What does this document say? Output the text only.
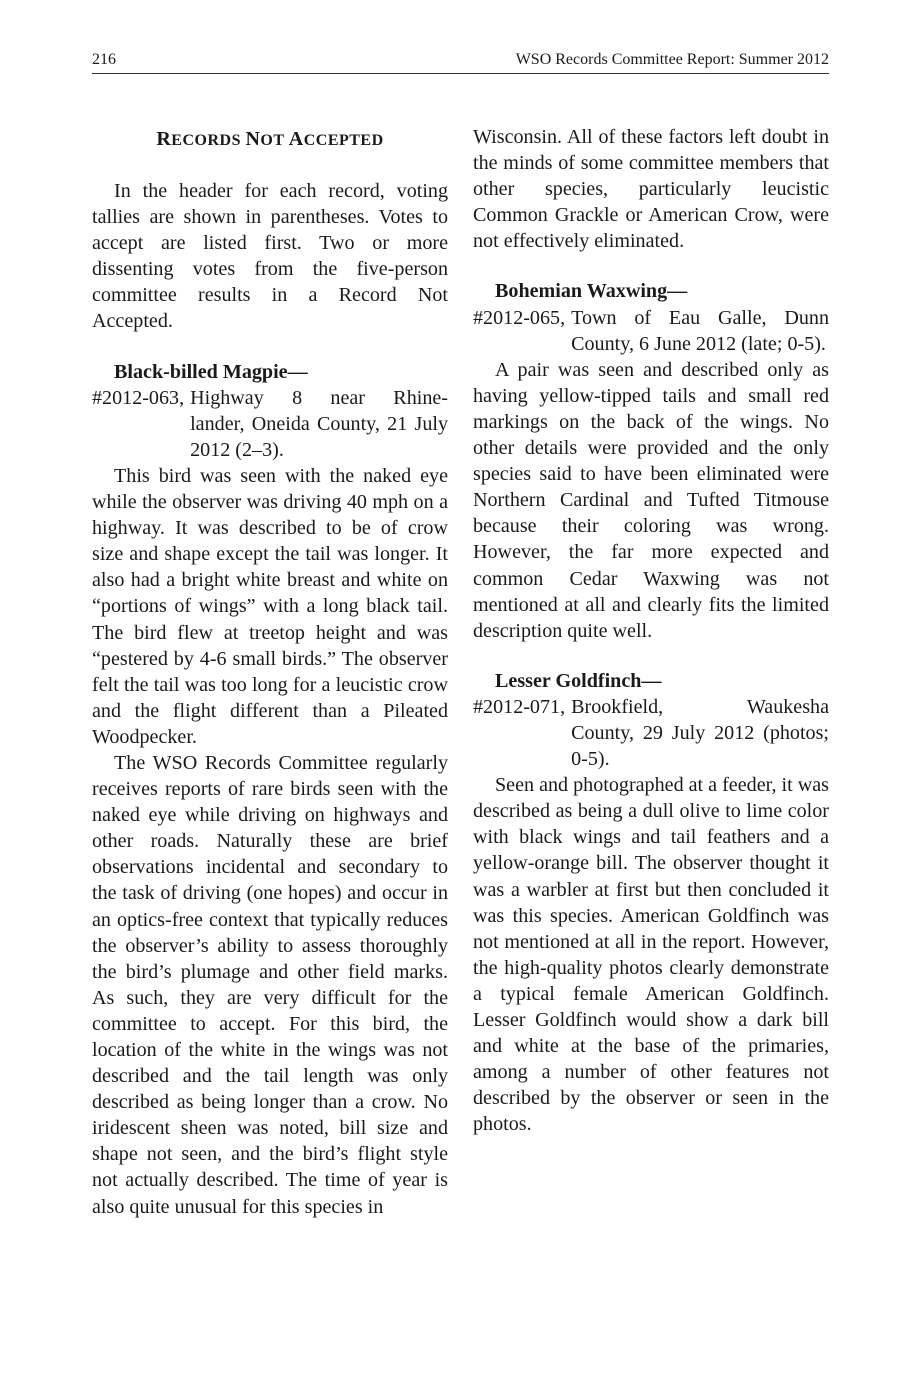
216	WSO Records Committee Report: Summer 2012
RECORDS NOT ACCEPTED

In the header for each record, voting tallies are shown in parentheses. Votes to accept are listed first. Two or more dissenting votes from the five-person committee results in a Record Not Accepted.

Black-billed Magpie—

#2012-063, Highway 8 near Rhine-
lander, Oneida County, 21 July 2012 (2–3).

This bird was seen with the naked eye while the observer was driving 40 mph on a highway. It was described to be of crow size and shape except the tail was longer. It also had a bright white breast and white on “portions of wings” with a long black tail. The bird flew at treetop height and was “pestered by 4-6 small birds.” The observer felt the tail was too long for a leucistic crow and the flight different than a Pileated Woodpecker.

The WSO Records Committee regularly receives reports of rare birds seen with the naked eye while driving on highways and other roads. Naturally these are brief observations incidental and secondary to the task of driving (one hopes) and occur in an optics-free context that typically reduces the observer’s ability to assess thoroughly the bird’s plumage and other field marks. As such, they are very difficult for the committee to accept. For this bird, the location of the white in the wings was not described and the tail length was only described as being longer than a crow. No iridescent sheen was noted, bill size and shape not seen, and the bird’s flight style not actually described. The time of year is also quite unusual for this species in

Wisconsin. All of these factors left doubt in the minds of some committee members that other species, particularly leucistic Common Grackle or American Crow, were not effectively eliminated.

Bohemian Waxwing—

#2012-065, Town of Eau Galle, Dunn
County, 6 June 2012 (late; 0-5).

A pair was seen and described only as having yellow-tipped tails and small red markings on the back of the wings. No other details were provided and the only species said to have been eliminated were Northern Cardinal and Tufted Titmouse because their coloring was wrong. However, the far more expected and common Cedar Waxwing was not mentioned at all and clearly fits the limited description quite well.

Lesser Goldfinch—

#2012-071, Brookfield, Waukesha
County, 29 July 2012 (photos; 0-5).

Seen and photographed at a feeder, it was described as being a dull olive to lime color with black wings and tail feathers and a yellow-orange bill. The observer thought it was a warbler at first but then concluded it was this species. American Goldfinch was not mentioned at all in the report. However, the high-quality photos clearly demonstrate a typical female American Goldfinch. Lesser Goldfinch would show a dark bill and white at the base of the primaries, among a number of other features not described by the observer or seen in the photos.
